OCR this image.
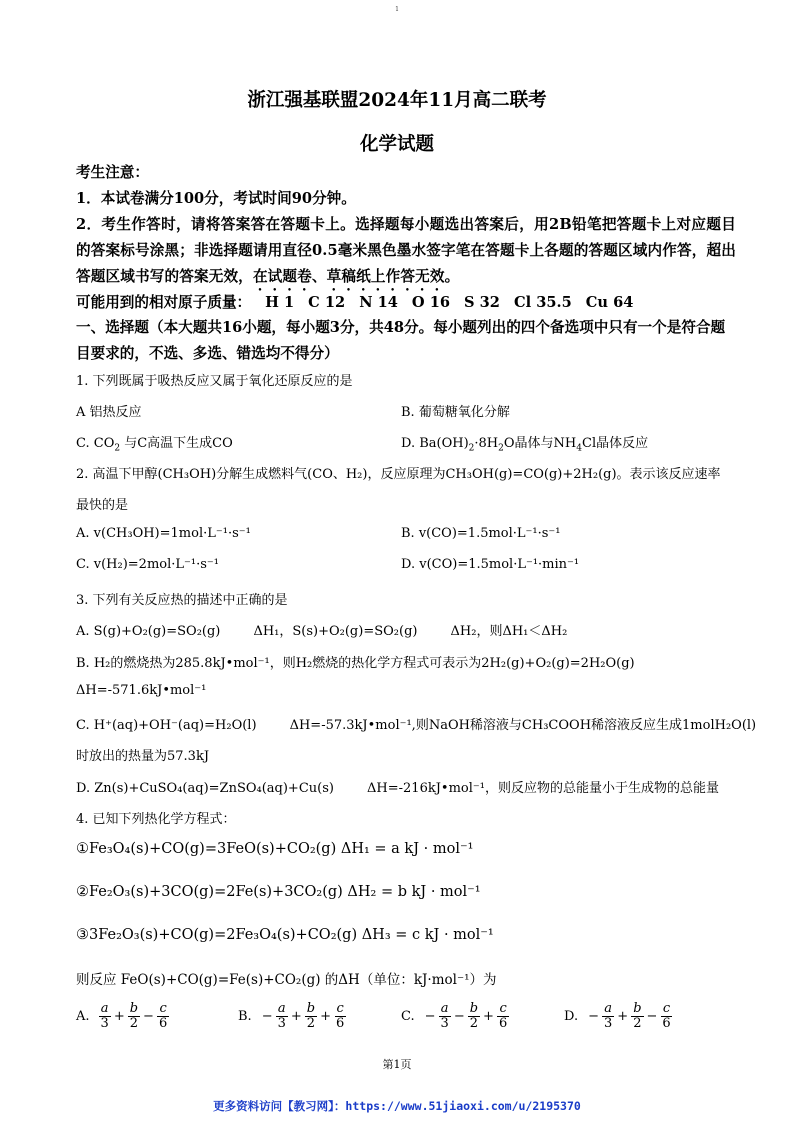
1
浙江强基联盟2024年11月高二联考
化学试题
考生注意：
1．本试卷满分100分，考试时间90分钟。
2．考生作答时，请将答案答在答题卡上。选择题每小题选出答案后，用2B铅笔把答题卡上对应题目的答案标号涂黑；非选择题请用直径0.5毫米黑色墨水签字笔在答题卡上各题的答题区域内作答，超出答题区域书写的答案无效，在试题卷、草稿纸上作答无效。
可能用到的相对原子质量： H 1 C 12 N 14 O 16 S 32 Cl 35.5 Cu 64
一、选择题（本大题共16小题，每小题3分，共48分。每小题列出的四个备选项中只有一个是符合题目要求的，不选、多选、错选均不得分）
1. 下列既属于吸热反应又属于氧化还原反应的是
A 铝热反应	B. 葡萄糖氧化分解
C. $CO_2$ 与C高温下生成CO	D. $Ba(OH)_2\cdot 8H_2O$晶体与$NH_4Cl$晶体反应
2. 高温下甲醇(CH₃OH)分解生成燃料气(CO、H₂)，反应原理为CH₃OH(g)=CO(g)+2H₂(g)。表示该反应速率
最快的是
A. v(CH₃OH)=1mol·L⁻¹·s⁻¹	B. v(CO)=1.5mol·L⁻¹·s⁻¹
C. v(H₂)=2mol·L⁻¹·s⁻¹	D. v(CO)=1.5mol·L⁻¹·min⁻¹
3. 下列有关反应热的描述中正确的是
A. S(g)+O₂(g)=SO₂(g)        ΔH₁，S(s)+O₂(g)=SO₂(g)        ΔH₂，则ΔH₁＜ΔH₂
B. H₂的燃烧热为285.8kJ•mol⁻¹，则H₂燃烧的热化学方程式可表示为2H₂(g)+O₂(g)=2H₂O(g)
ΔH=-571.6kJ•mol⁻¹
C. H⁺(aq)+OH⁻(aq)=H₂O(l)        ΔH=-57.3kJ•mol⁻¹,则NaOH稀溶液与CH₃COOH稀溶液反应生成1molH₂O(l)
时放出的热量为57.3kJ
D. Zn(s)+CuSO₄(aq)=ZnSO₄(aq)+Cu(s)        ΔH=-216kJ•mol⁻¹，则反应物的总能量小于生成物的总能量
4. 已知下列热化学方程式：
①Fe₃O₄(s)+CO(g)=3FeO(s)+CO₂(g) ΔH₁ = a kJ · mol⁻¹
②Fe₂O₃(s)+3CO(g)=2Fe(s)+3CO₂(g) ΔH₂ = b kJ · mol⁻¹
③3Fe₂O₃(s)+CO(g)=2Fe₃O₄(s)+CO₂(g) ΔH₃ = c kJ · mol⁻¹
则反应 FeO(s)+CO(g)=Fe(s)+CO₂(g) 的ΔH（单位：kJ·mol⁻¹）为
A. $\frac{a}{3} + \frac{b}{2} - \frac{c}{6}$	B. − $\frac{a}{3} + \frac{b}{2} + \frac{c}{6}$	C. − $\frac{a}{3} - \frac{b}{2} + \frac{c}{6}$	D. − $\frac{a}{3} + \frac{b}{2} - \frac{c}{6}$
第1页
更多资料访问【教习网】：https://www.51jiaoxi.com/u/2195370
